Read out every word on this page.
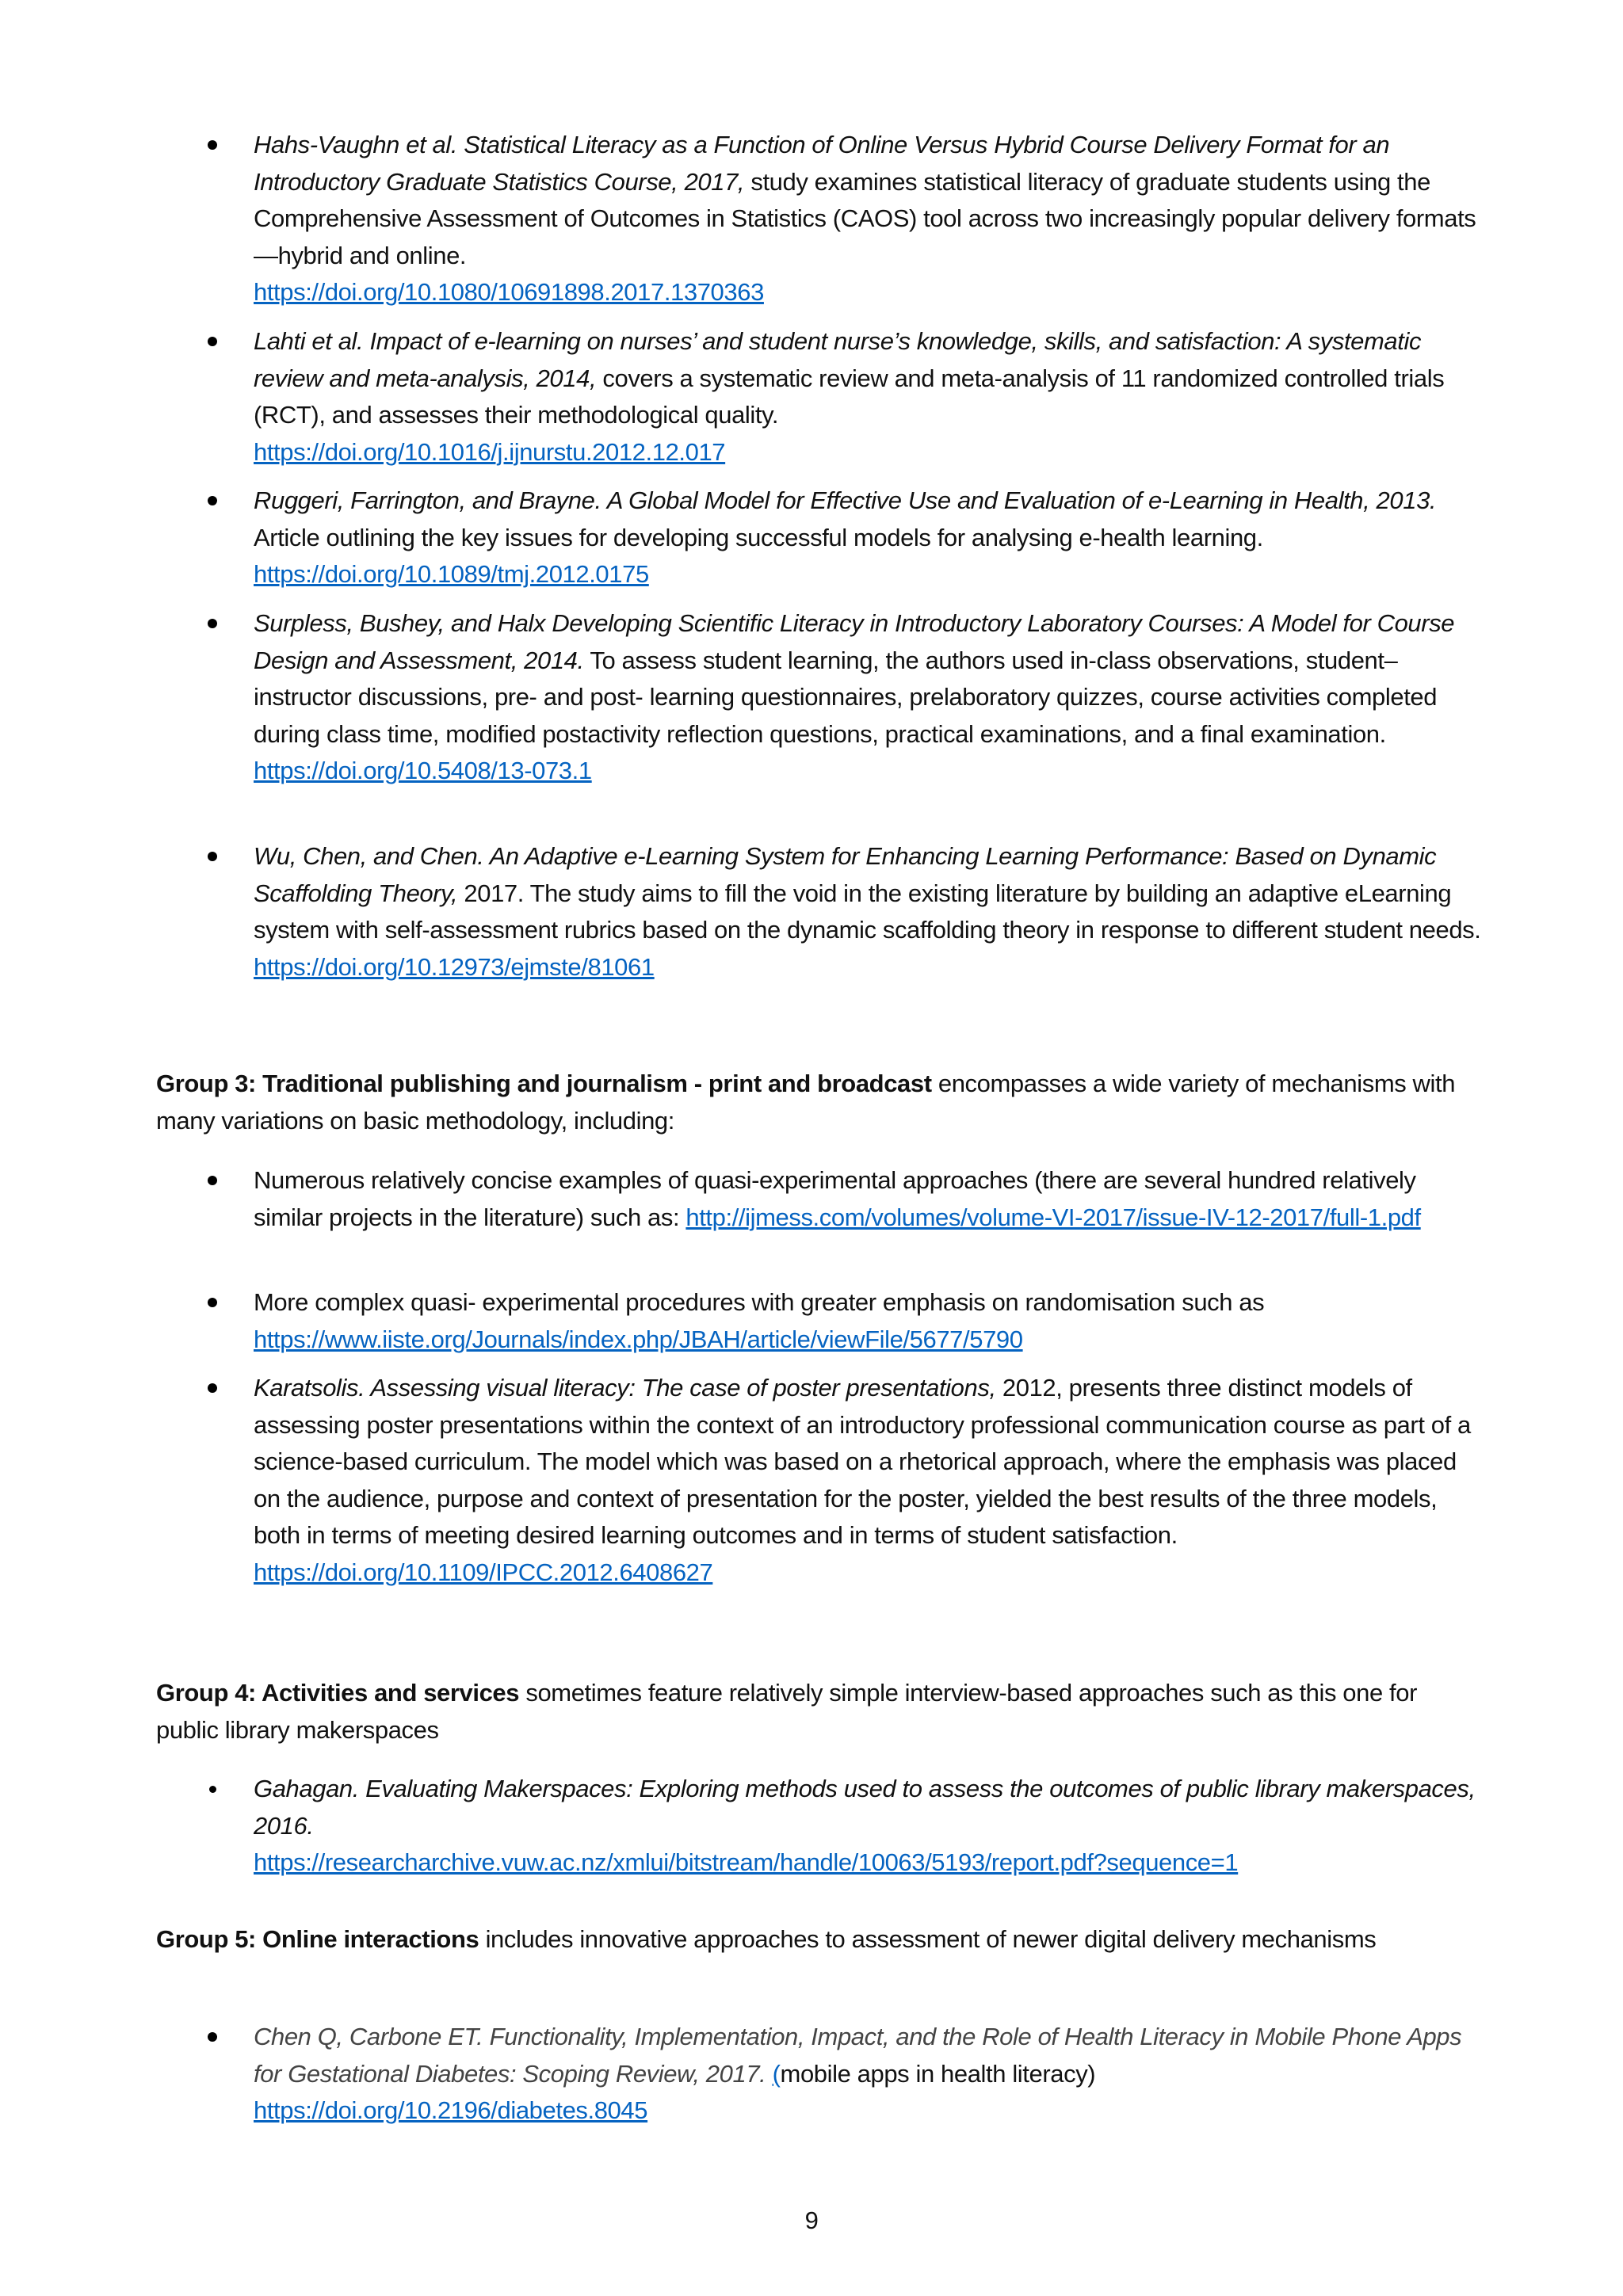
Hahs-Vaughn et al. Statistical Literacy as a Function of Online Versus Hybrid Course Delivery Format for an Introductory Graduate Statistics Course, 2017, study examines statistical literacy of graduate students using the Comprehensive Assessment of Outcomes in Statistics (CAOS) tool across two increasingly popular delivery formats—hybrid and online.
https://doi.org/10.1080/10691898.2017.1370363
Lahti et al. Impact of e-learning on nurses’ and student nurse’s knowledge, skills, and satisfaction: A systematic review and meta-analysis, 2014, covers a systematic review and meta-analysis of 11 randomized controlled trials (RCT), and assesses their methodological quality.
https://doi.org/10.1016/j.ijnurstu.2012.12.017
Ruggeri, Farrington, and Brayne. A Global Model for Effective Use and Evaluation of e-Learning in Health, 2013. Article outlining the key issues for developing successful models for analysing e-health learning. https://doi.org/10.1089/tmj.2012.0175
Surpless, Bushey, and Halx Developing Scientific Literacy in Introductory Laboratory Courses: A Model for Course Design and Assessment, 2014. To assess student learning, the authors used in-class observations, student–instructor discussions, pre- and post- learning questionnaires, prelaboratory quizzes, course activities completed during class time, modified postactivity reflection questions, practical examinations, and a final examination.
https://doi.org/10.5408/13-073.1
Wu, Chen, and Chen. An Adaptive e-Learning System for Enhancing Learning Performance: Based on Dynamic Scaffolding Theory, 2017. The study aims to fill the void in the existing literature by building an adaptive eLearning system with self-assessment rubrics based on the dynamic scaffolding theory in response to different student needs.
https://doi.org/10.12973/ejmste/81061
Group 3: Traditional publishing and journalism - print and broadcast encompasses a wide variety of mechanisms with many variations on basic methodology, including:
Numerous relatively concise examples of quasi-experimental approaches (there are several hundred relatively similar projects in the literature) such as: http://ijmess.com/volumes/volume-VI-2017/issue-IV-12-2017/full-1.pdf
More complex quasi- experimental procedures with greater emphasis on randomisation such as
https://www.iiste.org/Journals/index.php/JBAH/article/viewFile/5677/5790
Karatsolis. Assessing visual literacy: The case of poster presentations, 2012, presents three distinct models of assessing poster presentations within the context of an introductory professional communication course as part of a science-based curriculum. The model which was based on a rhetorical approach, where the emphasis was placed on the audience, purpose and context of presentation for the poster, yielded the best results of the three models, both in terms of meeting desired learning outcomes and in terms of student satisfaction.
https://doi.org/10.1109/IPCC.2012.6408627
Group 4: Activities and services sometimes feature relatively simple interview-based approaches such as this one for public library makerspaces
Gahagan. Evaluating Makerspaces: Exploring methods used to assess the outcomes of public library makerspaces, 2016.
https://researcharchive.vuw.ac.nz/xmlui/bitstream/handle/10063/5193/report.pdf?sequence=1
Group 5: Online interactions includes innovative approaches to assessment of newer digital delivery mechanisms
Chen Q, Carbone ET. Functionality, Implementation, Impact, and the Role of Health Literacy in Mobile Phone Apps for Gestational Diabetes: Scoping Review, 2017. (mobile apps in health literacy)
https://doi.org/10.2196/diabetes.8045
9
